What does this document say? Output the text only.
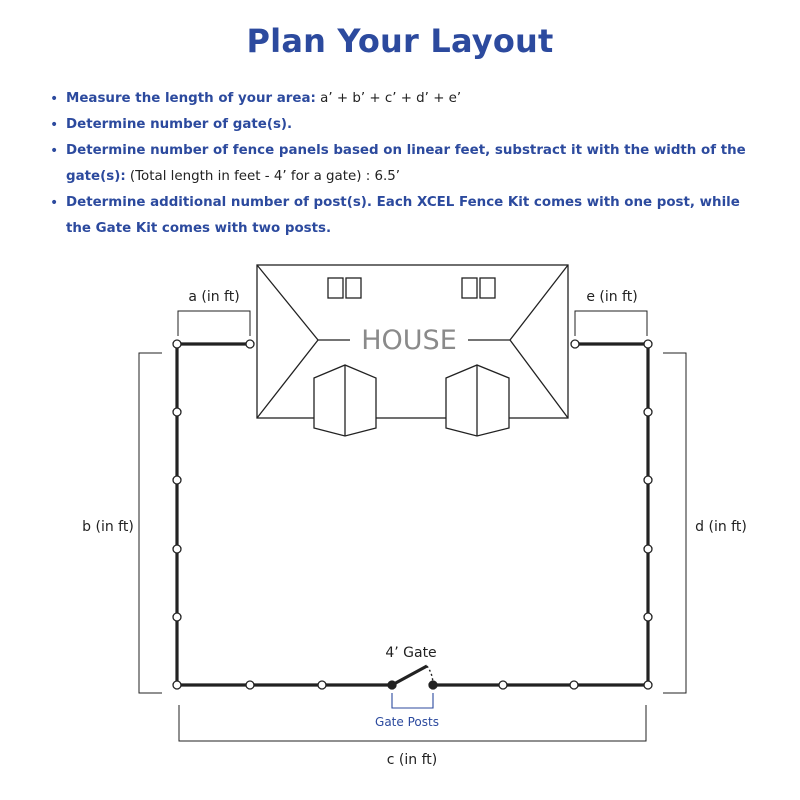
Plan Your Layout
• Measure the length of your area: a’ + b’ + c’ + d’ + e’
• Determine number of gate(s).
• Determine number of fence panels based on linear feet, substract it with the width of the gate(s): (Total length in feet - 4’ for a gate) : 6.5’
• Determine additional number of post(s). Each XCEL Fence Kit comes with one post, while the Gate Kit comes with two posts.
HOUSE
4’ Gate
a (in ft)	e (in ft)
b (in ft)	d (in ft)
c (in ft)
Gate Posts
